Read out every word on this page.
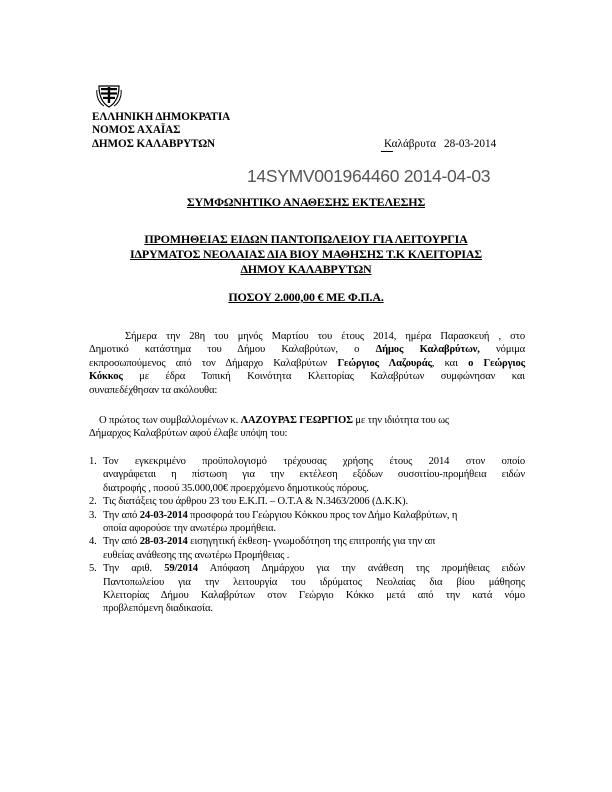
ΕΛΛΗΝΙΚΗ ΔΗΜΟΚΡΑΤΙΑ
ΝΟΜΟΣ ΑΧΑΪΑΣ
ΔΗΜΟΣ ΚΑΛΑΒΡΥΤΩΝ	Καλάβρυτα 28-03-2014
14SYMV001964460 2014-04-03
ΣΥΜΦΩΝΗΤΙΚΟ ΑΝΑΘΕΣΗΣ ΕΚΤΕΛΕΣΗΣ
ΠΡΟΜΗΘΕΙΑΣ ΕΙΔΩΝ ΠΑΝΤΟΠΩΛΕΙΟΥ ΓΙΑ ΛΕΙΤΟΥΡΓΙΑ
ΙΔΡΥΜΑΤΟΣ ΝΕΟΛΑΙΑΣ ΔΙΑ ΒΙΟΥ ΜΑΘΗΣΗΣ Τ.Κ ΚΛΕΙΤΟΡΙΑΣ
ΔΗΜΟΥ ΚΑΛΑΒΡΥΤΩΝ
ΠΟΣΟΥ 2.000,00 € ΜΕ Φ.Π.Α.
Σήμερα την 28η του μηνός Μαρτίου του έτους 2014, ημέρα Παρασκευή , στο
Δημοτικό κατάστημα του Δήμου Καλαβρύτων, ο Δήμος Καλαβρύτων, νόμιμα
εκπροσωπούμενος από τον Δήμαρχο Καλαβρύτων Γεώργιος Λαζουράς, και ο Γεώργιος
Κόκκος με έδρα Τοπική Κοινότητα Κλειτορίας Καλαβρύτων συμφώνησαν και
συναπεδέχθησαν τα ακόλουθα:
Ο πρώτος των συμβαλλομένων κ. ΛΑΖΟΥΡΑΣ ΓΕΩΡΓΙΟΣ με την ιδιότητα του ως
Δήμαρχος Καλαβρύτων αφού έλαβε υπόψη του:
1. Τον εγκεκριμένο προϋπολογισμό τρέχουσας χρήσης έτους 2014 στον οποίο
αναγράφεται η πίστωση για την εκτέλεση εξόδων συσσιτίου-προμήθεια ειδών
διατροφής , ποσού 35.000,00€ προερχόμενο δημοτικούς πόρους.
2. Τις διατάξεις του άρθρου 23 του Ε.Κ.Π. – Ο.Τ.Α & Ν.3463/2006 (Δ.Κ.Κ).
3. Την από 24-03-2014 προσφορά του Γεώργιου Κόκκου προς τον Δήμο Καλαβρύτων, η
οποία αφορούσε την ανωτέρω προμήθεια.
4. Την από 28-03-2014 εισηγητική έκθεση- γνωμοδότηση της επιτροπής για την απ
ευθείας ανάθεσης της ανωτέρω Προμήθειας .
5. Την αριθ. 59/2014 Απόφαση Δημάρχου για την ανάθεση της προμήθειας ειδών
Παντοπωλείου για την λειτουργία του ιδρύματος Νεολαίας δια βίου μάθησης
Κλειτορίας Δήμου Καλαβρύτων στον Γεώργιο Κόκκο μετά από την κατά νόμο
προβλεπόμενη διαδικασία.
